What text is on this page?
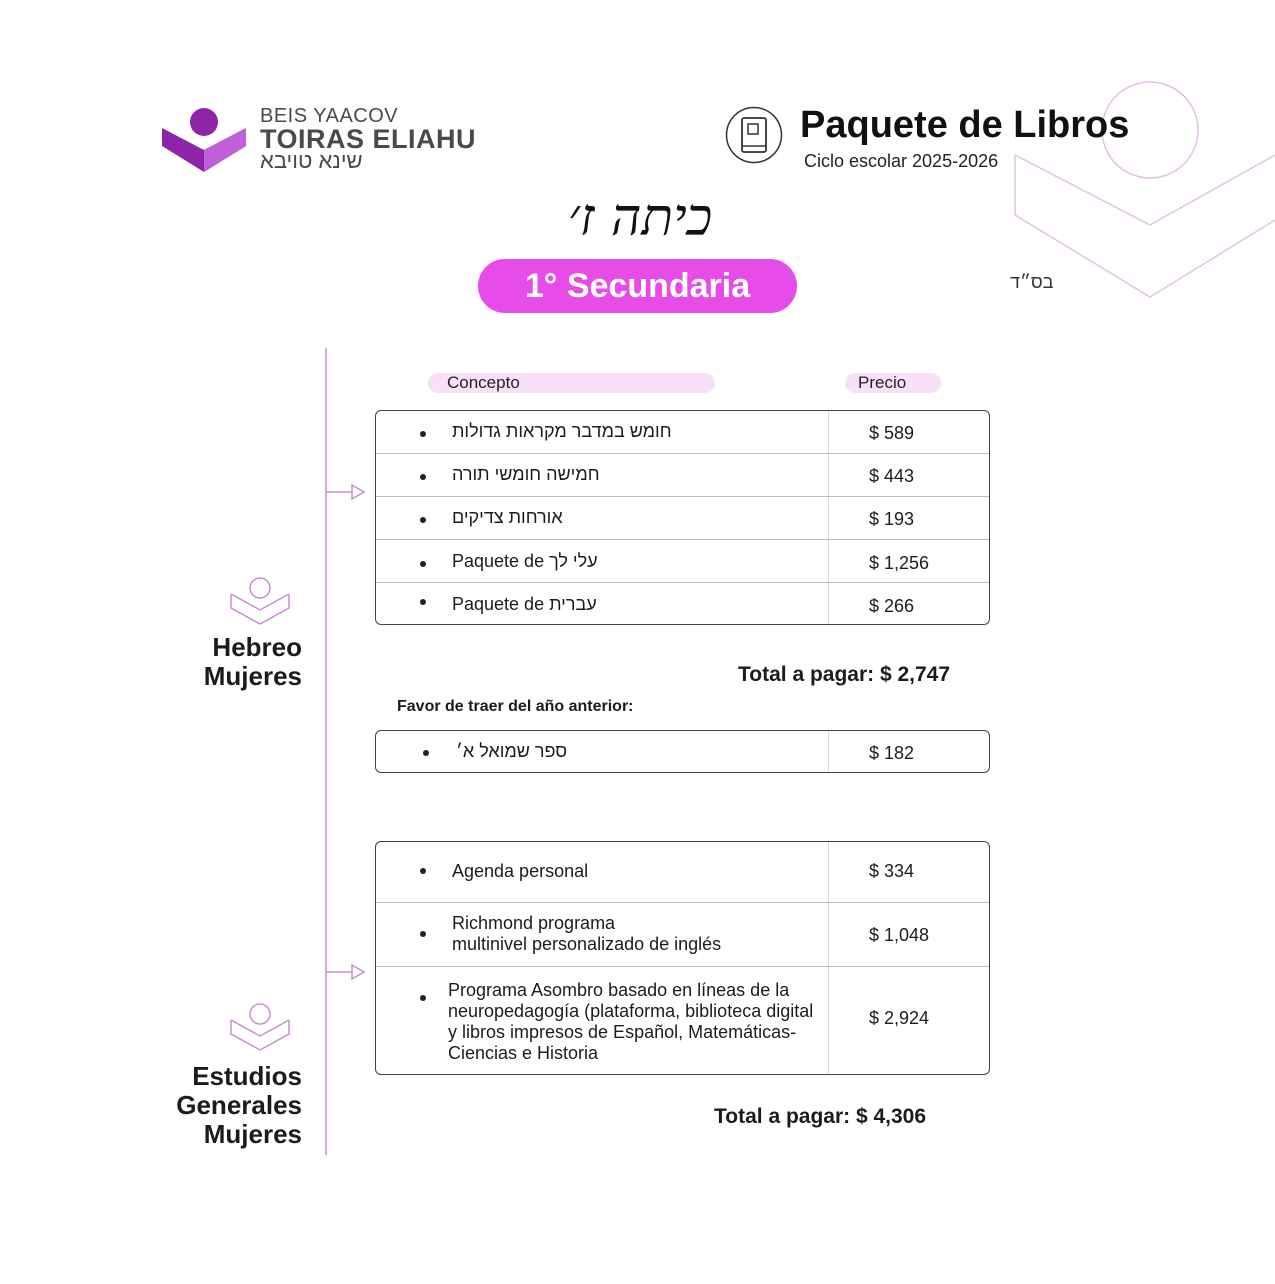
BEIS YAACOV
TOIRAS ELIAHU
שינא טויבא
Paquete de Libros
Ciclo escolar 2025-2026
כיתה ז׳
1° Secundaria	בס״ד
Concepto	Precio
Hebreo
Mujeres
חומש במדבר מקראות גדולות	$ 589
חמישה חומשי תורה	$ 443
אורחות צדיקים	$ 193
Paquete de עלי לך	$ 1,256
Paquete de עברית	$ 266
Total a pagar: $ 2,747
Favor de traer del año anterior:
ספר שמואל א׳	$ 182
Agenda personal	$ 334
Richmond programa
multinivel personalizado de inglés	$ 1,048
Programa Asombro basado en líneas de la
neuropedagogía (plataforma, biblioteca digital
y libros impresos de Español, Matemáticas-
Ciencias e Historia
$ 2,924
Total a pagar: $ 4,306
Estudios
Generales
Mujeres
